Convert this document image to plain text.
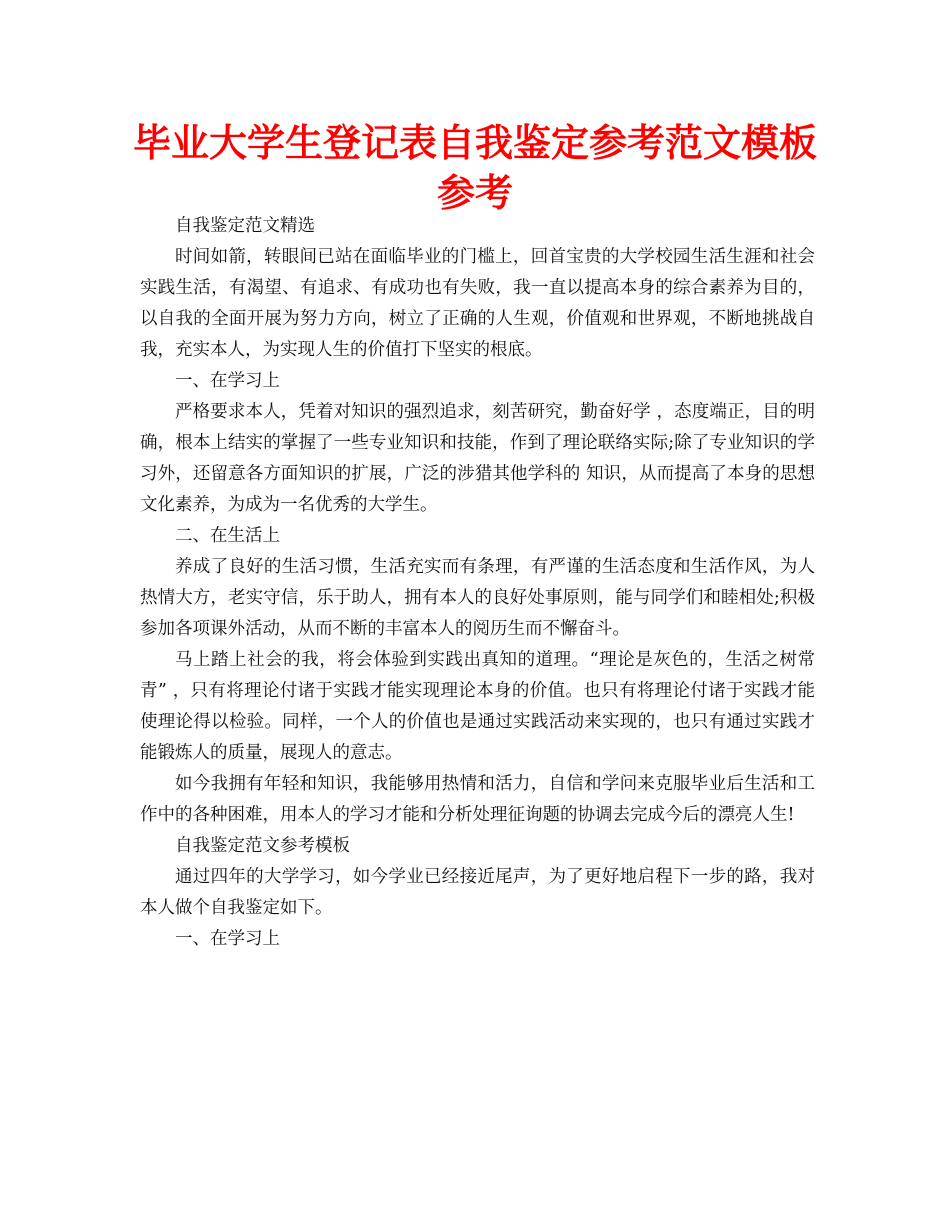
毕业大学生登记表自我鉴定参考范文模板
参考

自我鉴定范文精选

时间如箭，转眼间已站在面临毕业的门槛上，回首宝贵的大学校园生活生涯和社会实践生活，有渴望、有追求、有成功也有失败，我一直以提高本身的综合素养为目的，以自我的全面开展为努力方向，树立了正确的人生观，价值观和世界观，不断地挑战自我，充实本人，为实现人生的价值打下坚实的根底。

一、在学习上

严格要求本人，凭着对知识的强烈追求，刻苦研究，勤奋好学 ，态度端正，目的明确，根本上结实的掌握了一些专业知识和技能，作到了理论联络实际;除了专业知识的学习外，还留意各方面知识的扩展，广泛的涉猎其他学科的 知识，从而提高了本身的思想文化素养，为成为一名优秀的大学生。

二、在生活上

养成了良好的生活习惯，生活充实而有条理，有严谨的生活态度和生活作风，为人热情大方，老实守信，乐于助人，拥有本人的良好处事原则，能与同学们和睦相处;积极参加各项课外活动，从而不断的丰富本人的阅历生而不懈奋斗。

马上踏上社会的我，将会体验到实践出真知的道理。“理论是灰色的，生活之树常青” ，只有将理论付诸于实践才能实现理论本身的价值。也只有将理论付诸于实践才能使理论得以检验。同样，一个人的价值也是通过实践活动来实现的，也只有通过实践才能锻炼人的质量，展现人的意志。

如今我拥有年轻和知识，我能够用热情和活力，自信和学问来克服毕业后生活和工作中的各种困难，用本人的学习才能和分析处理征询题的协调去完成今后的漂亮人生!

自我鉴定范文参考模板

通过四年的大学学习，如今学业已经接近尾声，为了更好地启程下一步的路，我对本人做个自我鉴定如下。

一、在学习上
